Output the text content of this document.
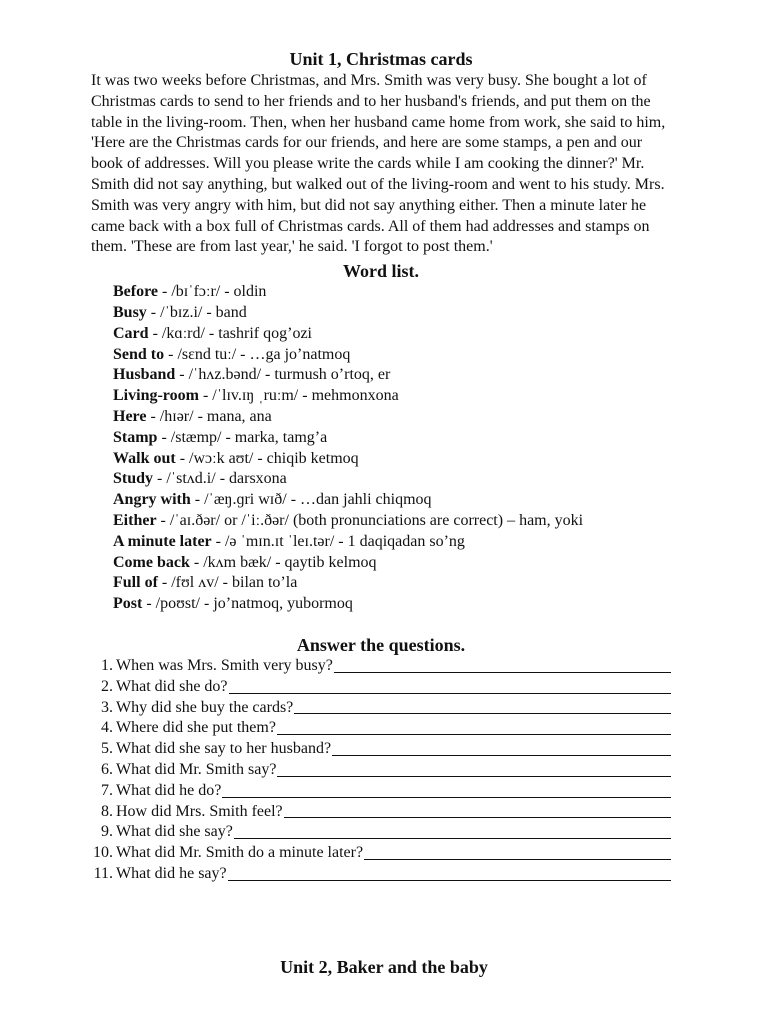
Unit 1, Christmas cards

It was two weeks before Christmas, and Mrs. Smith was very busy. She bought a lot of Christmas cards to send to her friends and to her husband's friends, and put them on the table in the living-room. Then, when her husband came home from work, she said to him, 'Here are the Christmas cards for our friends, and here are some stamps, a pen and our book of addresses. Will you please write the cards while I am cooking the dinner?' Mr. Smith did not say anything, but walked out of the living-room and went to his study. Mrs. Smith was very angry with him, but did not say anything either. Then a minute later he came back with a box full of Christmas cards. All of them had addresses and stamps on them. 'These are from last year,' he said. 'I forgot to post them.'

Word list.
Before - /bɪˈfɔːr/ - oldin
Busy - /ˈbɪz.i/ - band
Card - /kɑːrd/ - tashrif qog’ozi
Send to - /sɛnd tuː/ - …ga jo’natmoq
Husband - /ˈhʌz.bənd/ - turmush o’rtoq, er
Living-room - /ˈlɪv.ɪŋ ˌruːm/ - mehmonxona
Here - /hɪər/ - mana, ana
Stamp - /stæmp/ - marka, tamg’a
Walk out - /wɔːk aʊt/ - chiqib ketmoq
Study - /ˈstʌd.i/ - darsxona
Angry with - /ˈæŋ.ɡri wɪð/ - …dan jahli chiqmoq
Either - /ˈaɪ.ðər/ or /ˈiː.ðər/ (both pronunciations are correct) – ham, yoki
A minute later - /ə ˈmɪn.ɪt ˈleɪ.tər/ - 1 daqiqadan so’ng
Come back - /kʌm bæk/ - qaytib kelmoq
Full of - /fʊl ʌv/ - bilan to’la
Post - /poʊst/ - jo’natmoq, yubormoq
Answer the questions.
1. When was Mrs. Smith very busy?
2. What did she do?
3. Why did she buy the cards?
4. Where did she put them?
5. What did she say to her husband?
6. What did Mr. Smith say?
7. What did he do?
8. How did Mrs. Smith feel?
9. What did she say?
10. What did Mr. Smith do a minute later?
11. What did he say?
Unit 2, Baker and the baby
